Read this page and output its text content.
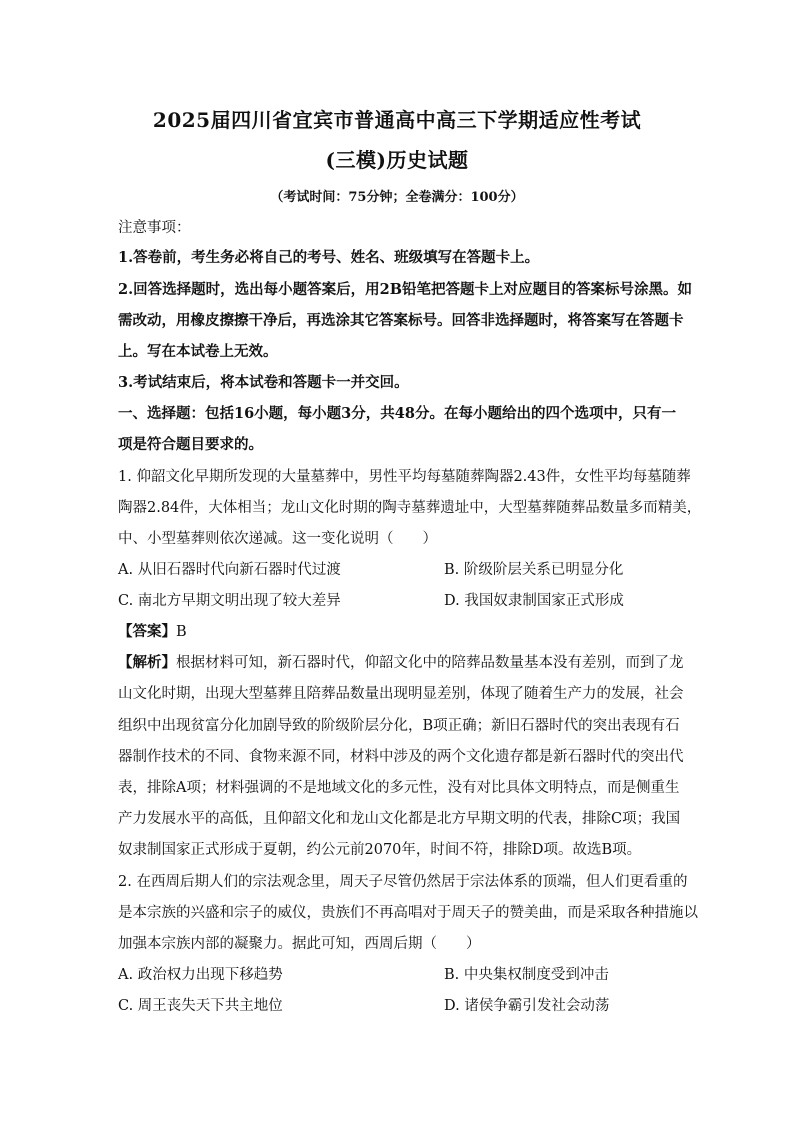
2025届四川省宜宾市普通高中高三下学期适应性考试
(三模)历史试题
（考试时间：75分钟；全卷满分：100分）
注意事项：
1.答卷前，考生务必将自己的考号、姓名、班级填写在答题卡上。
2.回答选择题时，选出每小题答案后，用2B铅笔把答题卡上对应题目的答案标号涂黑。如
需改动，用橡皮擦擦干净后，再选涂其它答案标号。回答非选择题时，将答案写在答题卡
上。写在本试卷上无效。
3.考试结束后，将本试卷和答题卡一并交回。
一、选择题：包括16小题，每小题3分，共48分。在每小题给出的四个选项中，只有一
项是符合题目要求的。
1. 仰韶文化早期所发现的大量墓葬中，男性平均每墓随葬陶器2.43件，女性平均每墓随葬
陶器2.84件，大体相当；龙山文化时期的陶寺墓葬遗址中，大型墓葬随葬品数量多而精美，
中、小型墓葬则依次递减。这一变化说明（　　）
A. 从旧石器时代向新石器时代过渡	B. 阶级阶层关系已明显分化
C. 南北方早期文明出现了较大差异	D. 我国奴隶制国家正式形成
【答案】B
【解析】根据材料可知，新石器时代，仰韶文化中的陪葬品数量基本没有差别，而到了龙
山文化时期，出现大型墓葬且陪葬品数量出现明显差别，体现了随着生产力的发展，社会
组织中出现贫富分化加剧导致的阶级阶层分化，B项正确；新旧石器时代的突出表现有石
器制作技术的不同、食物来源不同，材料中涉及的两个文化遗存都是新石器时代的突出代
表，排除A项；材料强调的不是地域文化的多元性，没有对比具体文明特点，而是侧重生
产力发展水平的高低，且仰韶文化和龙山文化都是北方早期文明的代表，排除C项；我国
奴隶制国家正式形成于夏朝，约公元前2070年，时间不符，排除D项。故选B项。
2. 在西周后期人们的宗法观念里，周天子尽管仍然居于宗法体系的顶端，但人们更看重的
是本宗族的兴盛和宗子的威仪，贵族们不再高唱对于周天子的赞美曲，而是采取各种措施以
加强本宗族内部的凝聚力。据此可知，西周后期（　　）
A. 政治权力出现下移趋势	B. 中央集权制度受到冲击
C. 周王丧失天下共主地位	D. 诸侯争霸引发社会动荡
